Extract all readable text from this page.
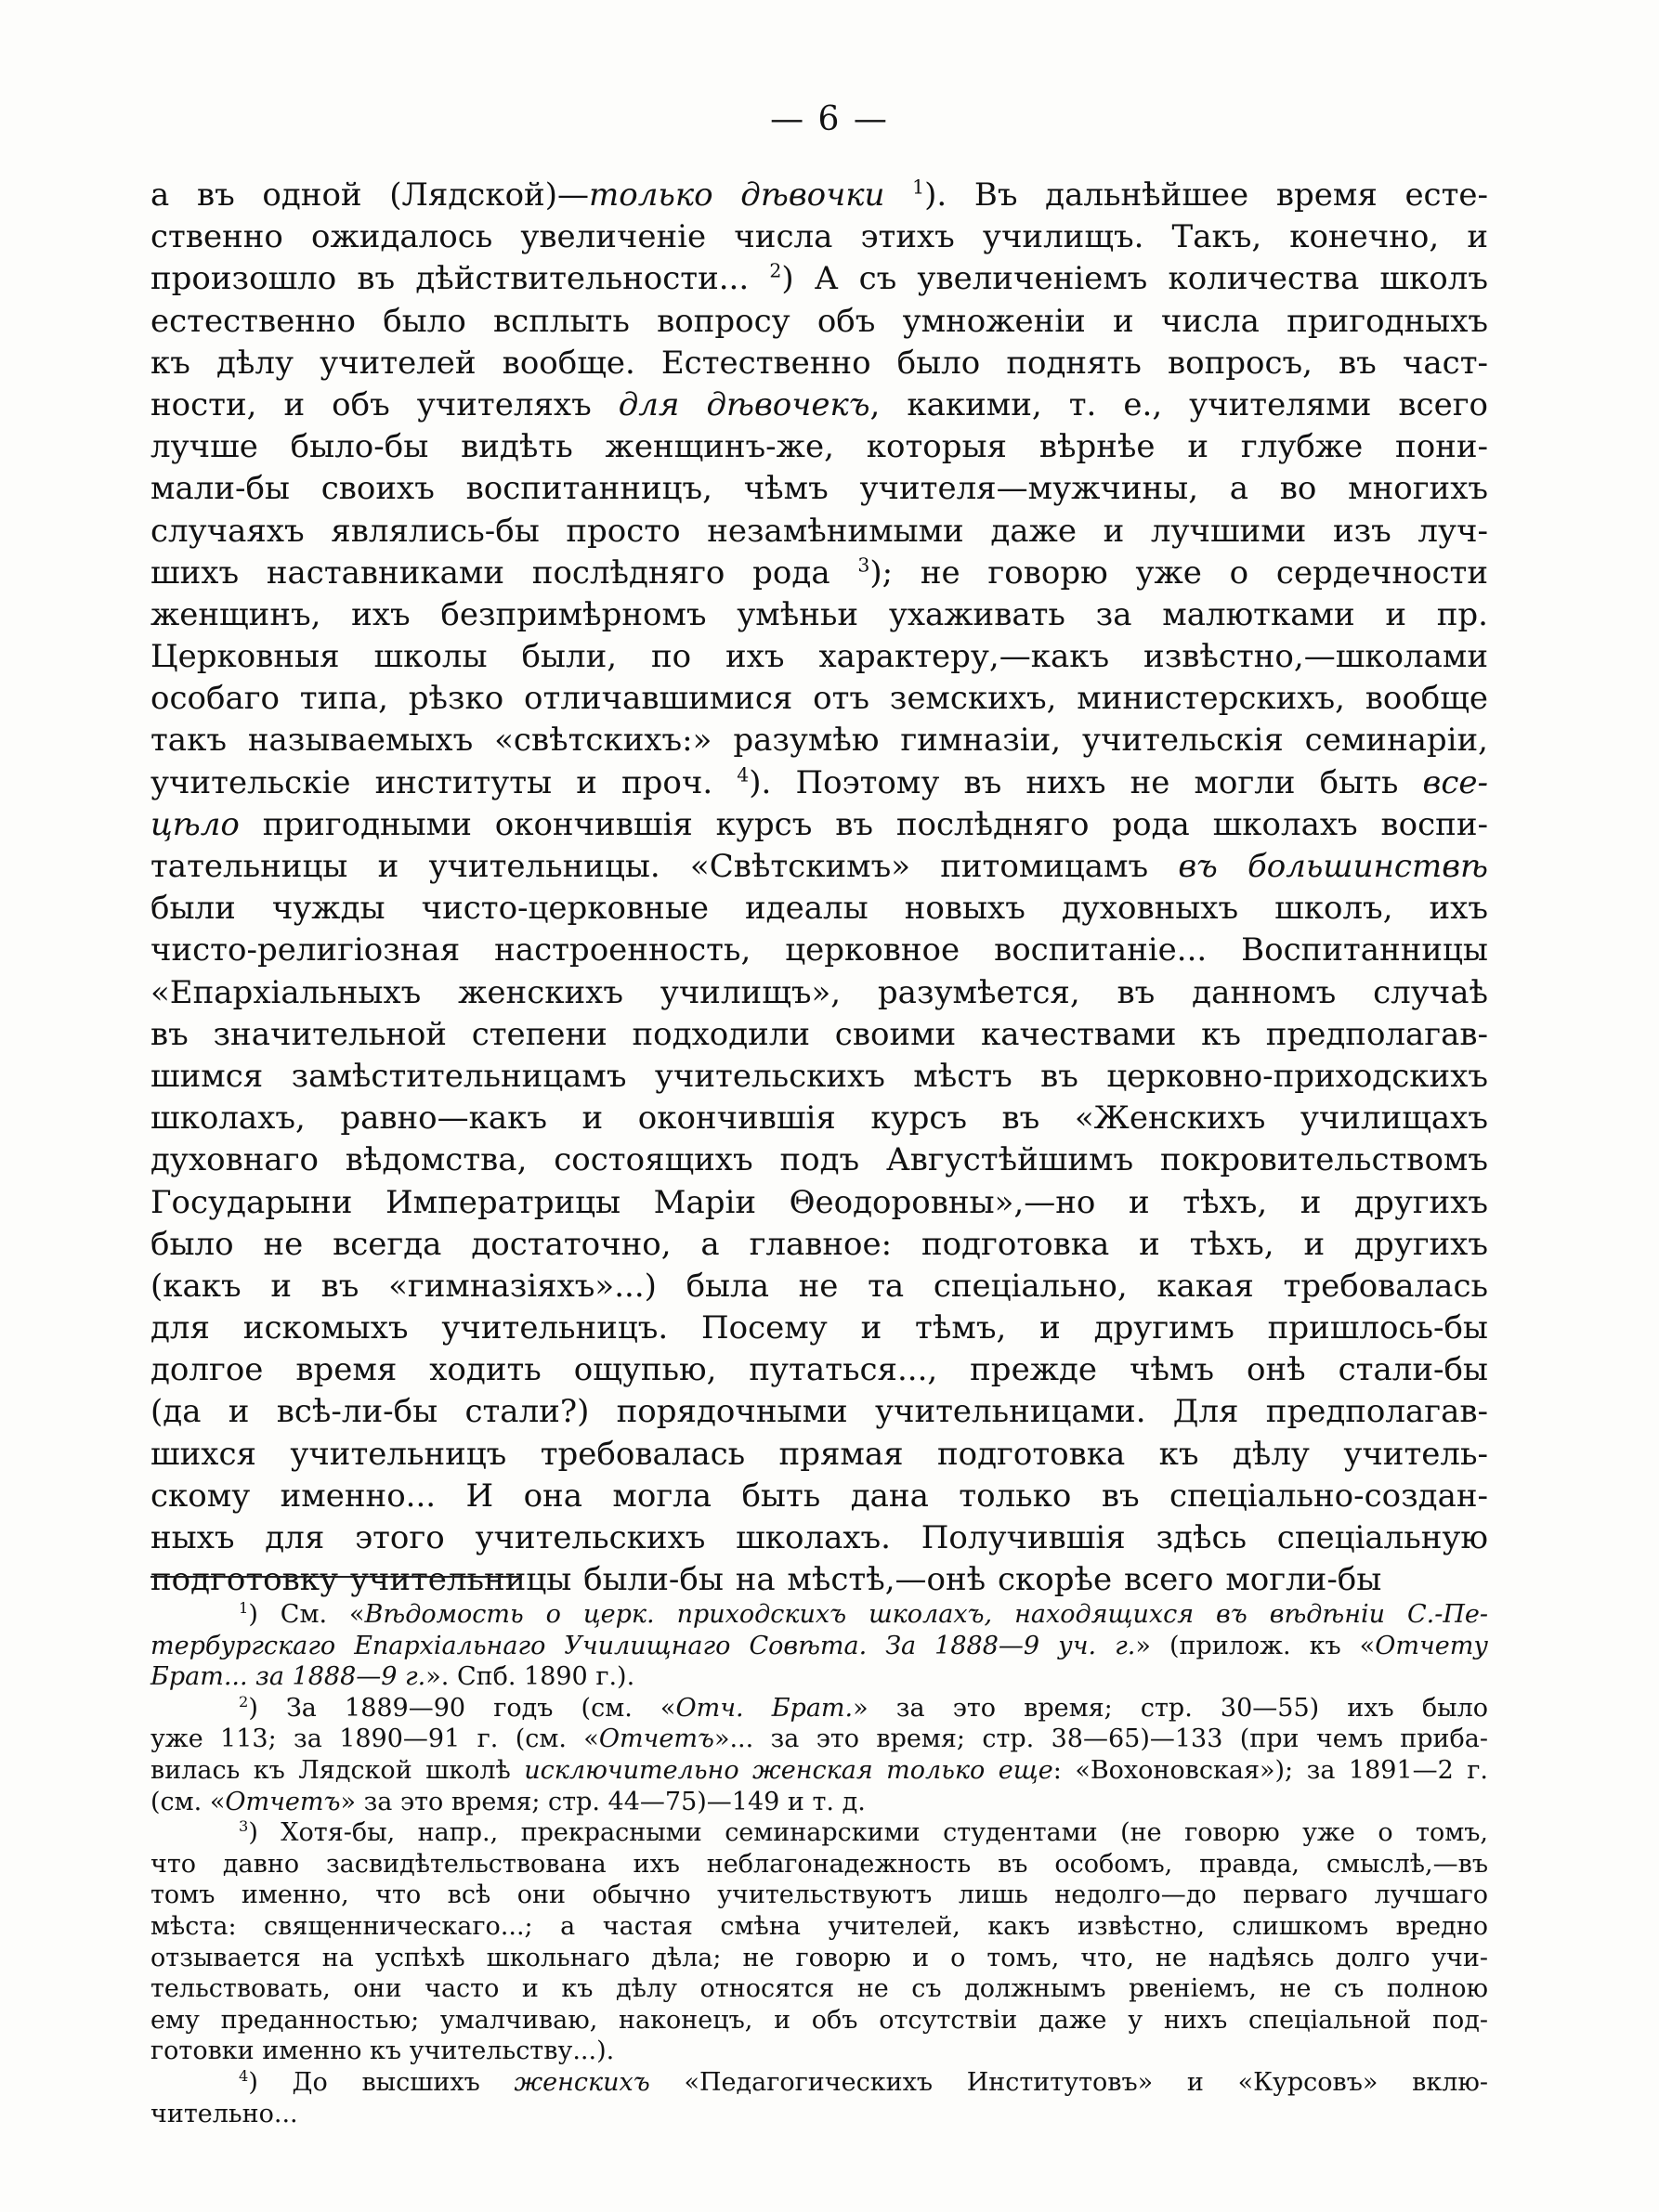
— 6 —
а въ одной (Лядской)—только дѣвочки $^1$). Въ дальнѣйшее время есте-
ственно ожидалось увеличеніе числа этихъ училищъ. Такъ, конечно, и
произошло въ дѣйствительности... $^2$) А съ увеличеніемъ количества школъ
естественно было всплыть вопросу объ умноженіи и числа пригодныхъ
къ дѣлу учителей вообще. Естественно было поднять вопросъ, въ част-
ности, и объ учителяхъ для дѣвочекъ, какими, т. е., учителями всего
лучше было-бы видѣть женщинъ-же, которыя вѣрнѣе и глубже пони-
мали-бы своихъ воспитанницъ, чѣмъ учителя—мужчины, а во многихъ
случаяхъ являлись-бы просто незамѣнимыми даже и лучшими изъ луч-
шихъ наставниками послѣдняго рода $^3$); не говорю уже о сердечности
женщинъ, ихъ безпримѣрномъ умѣньи ухаживать за малютками и пр.
Церковныя школы были, по ихъ характеру,—какъ извѣстно,—школами
особаго типа, рѣзко отличавшимися отъ земскихъ, министерскихъ, вообще
такъ называемыхъ «свѣтскихъ:» разумѣю гимназіи, учительскія семинаріи,
учительскіе институты и проч. $^4$). Поэтому въ нихъ не могли быть все-
цѣло пригодными окончившія курсъ въ послѣдняго рода школахъ воспи-
тательницы и учительницы. «Свѣтскимъ» питомицамъ въ большинствѣ
были чужды чисто-церковные идеалы новыхъ духовныхъ школъ, ихъ
чисто-религіозная настроенность, церковное воспитаніе... Воспитанницы
«Епархіальныхъ женскихъ училищъ», разумѣется, въ данномъ случаѣ
въ значительной степени подходили своими качествами къ предполагав-
шимся замѣстительницамъ учительскихъ мѣстъ въ церковно-приходскихъ
школахъ, равно—какъ и окончившія курсъ въ «Женскихъ училищахъ
духовнаго вѣдомства, состоящихъ подъ Августѣйшимъ покровительствомъ
Государыни Императрицы Маріи Θеодоровны»,—но и тѣхъ, и другихъ
было не всегда достаточно, а главное: подготовка и тѣхъ, и другихъ
(какъ и въ «гимназіяхъ»...) была не та спеціально, какая требовалась
для искомыхъ учительницъ. Посему и тѣмъ, и другимъ пришлось-бы
долгое время ходить ощупью, путаться..., прежде чѣмъ онѣ стали-бы
(да и всѣ-ли-бы стали?) порядочными учительницами. Для предполагав-
шихся учительницъ требовалась прямая подготовка къ дѣлу учитель-
скому именно... И она могла быть дана только въ спеціально-создан-
ныхъ для этого учительскихъ школахъ. Получившія здѣсь спеціальную
подготовку учительницы были-бы на мѣстѣ,—онѣ скорѣе всего могли-бы
$^1$) См. «Вѣдомость о церк. приходскихъ школахъ, находящихся въ вѣдѣніи С.-Пе-
тербургскаго Епархіальнаго Училищнаго Совѣта. За 1888—9 уч. г.» (прилож. къ «Отчету
Брат... за 1888—9 г.». Спб. 1890 г.).
$^2$) За 1889—90 годъ (см. «Отч. Брат.» за это время; стр. 30—55) ихъ было
уже 113; за 1890—91 г. (см. «Отчетъ»... за это время; стр. 38—65)—133 (при чемъ приба-
вилась къ Лядской школѣ исключительно женская только еще: «Вохоновская»); за 1891—2 г.
(см. «Отчетъ» за это время; стр. 44—75)—149 и т. д.
$^3$) Хотя-бы, напр., прекрасными семинарскими студентами (не говорю уже о томъ,
что давно засвидѣтельствована ихъ неблагонадежность въ особомъ, правда, смыслѣ,—въ
томъ именно, что всѣ они обычно учительствуютъ лишь недолго—до перваго лучшаго
мѣста: священническаго...; а частая смѣна учителей, какъ извѣстно, слишкомъ вредно
отзывается на успѣхѣ школьнаго дѣла; не говорю и о томъ, что, не надѣясь долго учи-
тельствовать, они часто и къ дѣлу относятся не съ должнымъ рвеніемъ, не съ полною
ему преданностью; умалчиваю, наконецъ, и объ отсутствіи даже у нихъ спеціальной под-
готовки именно къ учительству...).
$^4$) До высшихъ женскихъ «Педагогическихъ Институтовъ» и «Курсовъ» вклю-
чительно...
